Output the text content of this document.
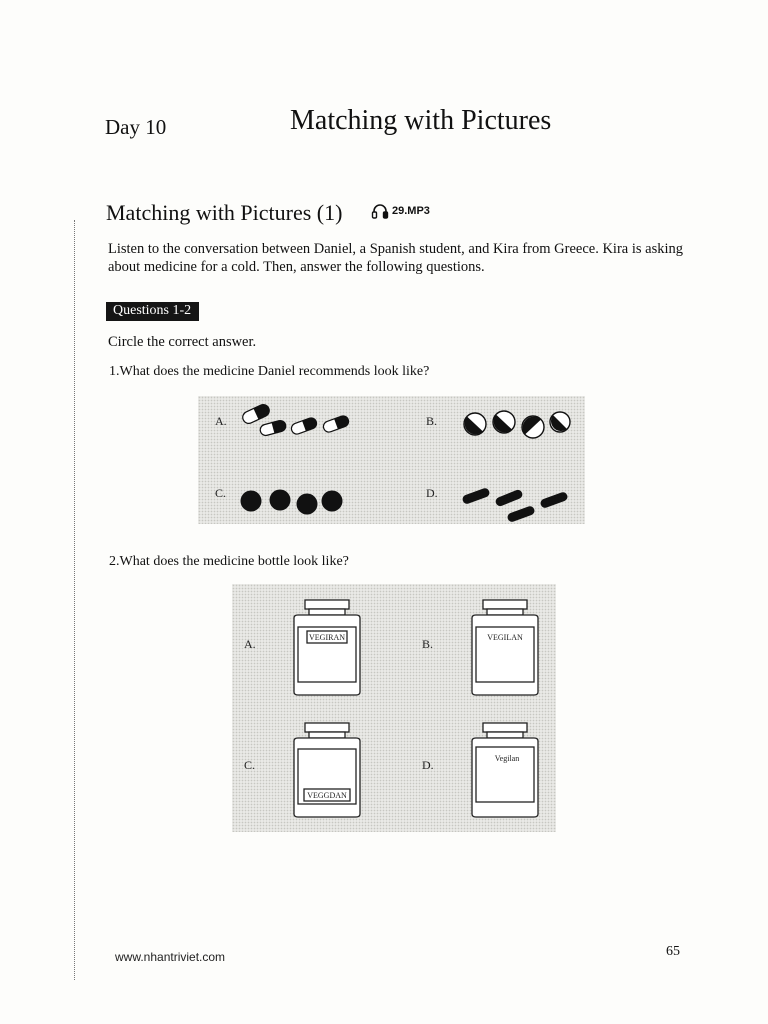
Day 10	Matching with Pictures
Matching with Pictures (1)	29.MP3
Listen to the conversation between Daniel, a Spanish student, and Kira from Greece. Kira is asking about medicine for a cold. Then, answer the following questions.
Questions 1-2
Circle the correct answer.
1.What does the medicine Daniel recommends look like?
A.	B.
C.	D.
2.What does the medicine bottle look like?
A.	B.
C.	D.
VEGIRAN	VEGILAN
VEGGDAN
Vegilan
www.nhantriviet.com	65
